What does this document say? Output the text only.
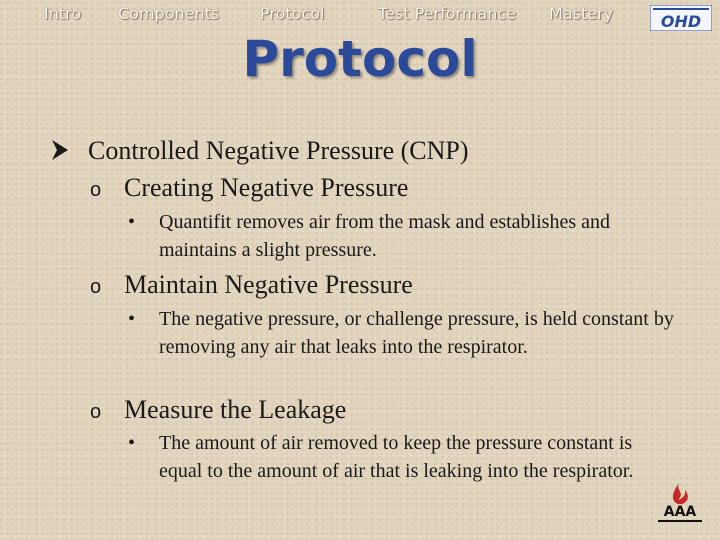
Intro Components	Protocol	Test Performance Mastery	OHD
Protocol
Controlled Negative Pressure (CNP)
o Creating Negative Pressure
• Quantifit removes air from the mask and establishes and maintains a slight pressure.
o Maintain Negative Pressure
• The negative pressure, or challenge pressure, is held constant by removing any air that leaks into the respirator.
o Measure the Leakage
• The amount of air removed to keep the pressure constant is equal to the amount of air that is leaking into the respirator.
AAA
